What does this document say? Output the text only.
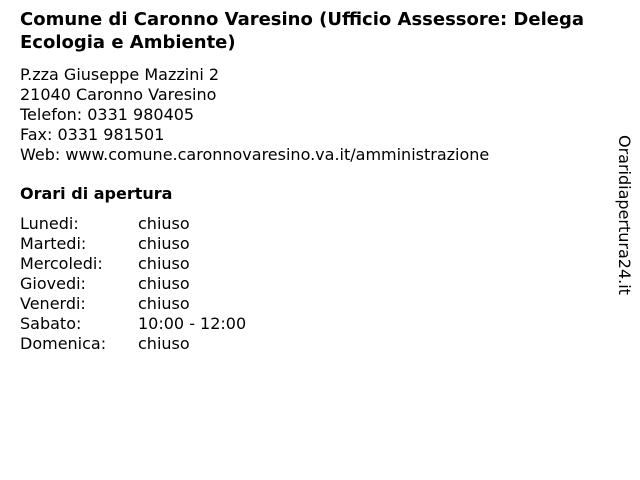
Comune di Caronno Varesino (Ufficio Assessore: Delega Ecologia e Ambiente)
P.zza Giuseppe Mazzini 2
21040 Caronno Varesino
Telefon: 0331 980405
Fax: 0331 981501
Web: www.comune.caronnovaresino.va.it/amministrazione
Orari di apertura
Lunedi:	chiuso
Martedi:	chiuso
Mercoledi:	chiuso
Giovedi:	chiuso
Venerdi:	chiuso
Sabato:	10:00 - 12:00
Domenica:	chiuso
Oraridiapertura24.it
